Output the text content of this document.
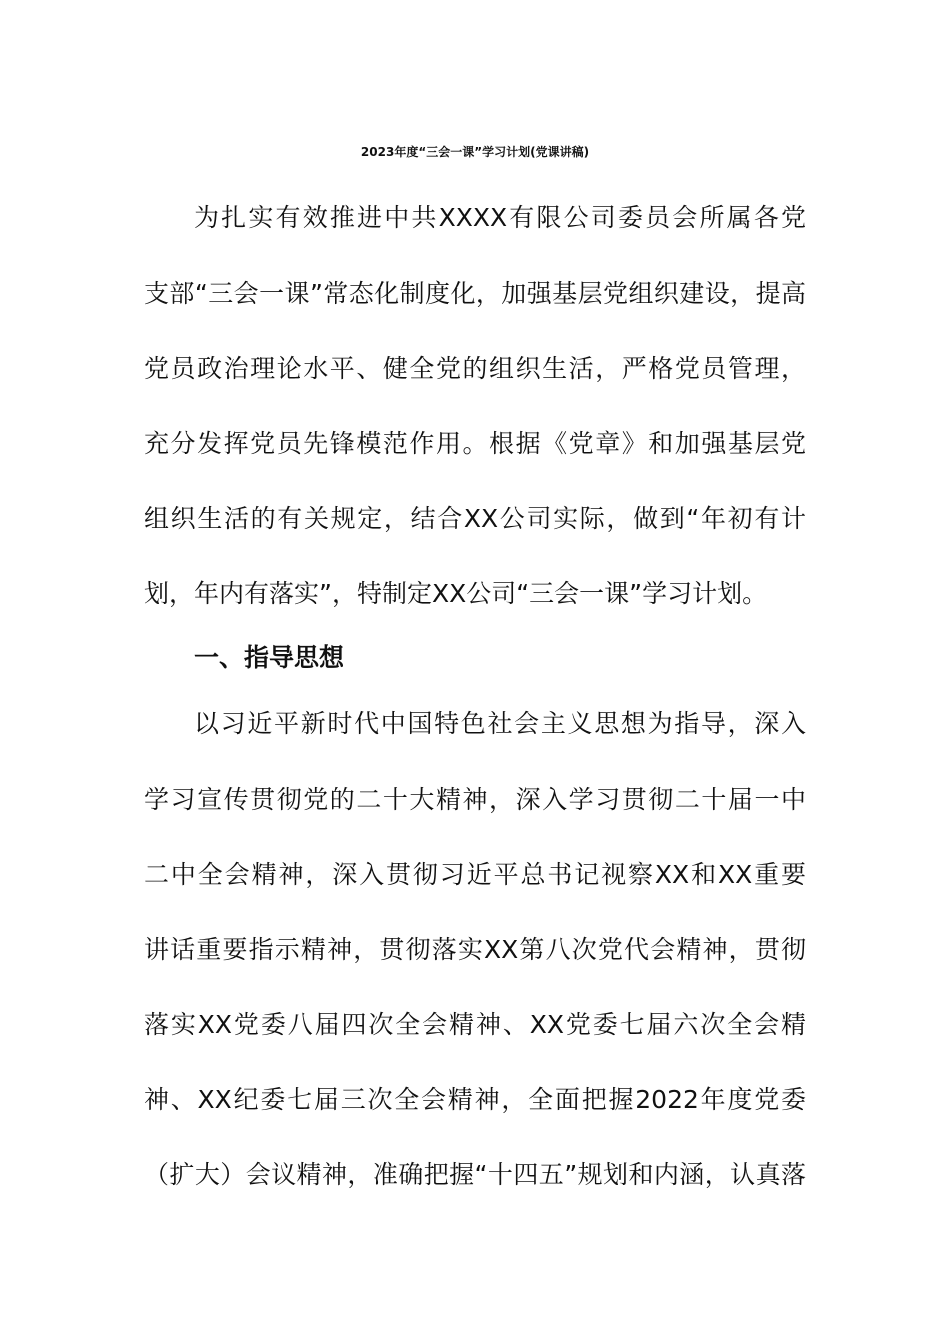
2023年度“三会一课”学习计划(党课讲稿)
为扎实有效推进中共XXXX有限公司委员会所属各党
支部“三会一课”常态化制度化，加强基层党组织建设，提高
党员政治理论水平、健全党的组织生活，严格党员管理，
充分发挥党员先锋模范作用。根据《党章》和加强基层党
组织生活的有关规定，结合XX公司实际，做到“年初有计
划，年内有落实”，特制定XX公司“三会一课”学习计划。
一、指导思想
以习近平新时代中国特色社会主义思想为指导，深入
学习宣传贯彻党的二十大精神，深入学习贯彻二十届一中
二中全会精神，深入贯彻习近平总书记视察XX和XX重要
讲话重要指示精神，贯彻落实XX第八次党代会精神，贯彻
落实XX党委八届四次全会精神、XX党委七届六次全会精
神、XX纪委七届三次全会精神，全面把握2022年度党委
（扩大）会议精神，准确把握“十四五”规划和内涵，认真落
